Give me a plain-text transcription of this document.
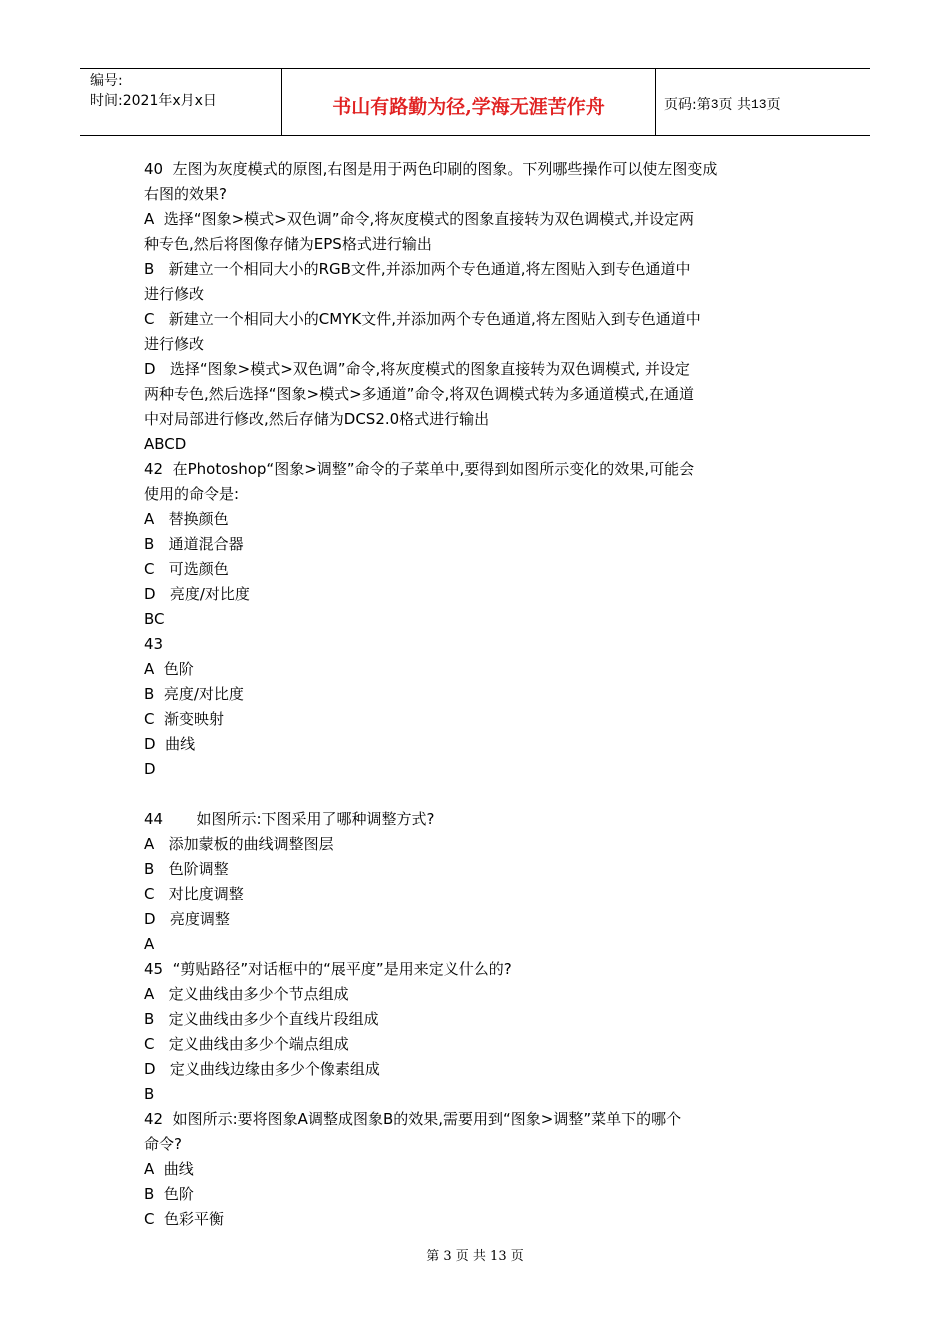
编号:
时间:2021年x月x日	书山有路勤为径,学海无涯苦作舟	页码:第 3 页 共 13 页
40  左图为灰度模式的原图,右图是用于两色印刷的图象。下列哪些操作可以使左图变成
右图的效果?
A  选择“图象>模式>双色调”命令,将灰度模式的图象直接转为双色调模式,并设定两
种专色,然后将图像存储为EPS格式进行输出
B   新建立一个相同大小的RGB文件,并添加两个专色通道,将左图贴入到专色通道中
进行修改
C   新建立一个相同大小的CMYK文件,并添加两个专色通道,将左图贴入到专色通道中
进行修改
D   选择“图象>模式>双色调”命令,将灰度模式的图象直接转为双色调模式, 并设定
两种专色,然后选择“图象>模式>多通道”命令,将双色调模式转为多通道模式,在通道
中对局部进行修改,然后存储为DCS2.0格式进行输出
ABCD
42  在Photoshop“图象>调整”命令的子菜单中,要得到如图所示变化的效果,可能会
使用的命令是:
A   替换颜色
B   通道混合器
C   可选颜色
D   亮度/对比度
BC
43
A  色阶
B  亮度/对比度
C  渐变映射
D  曲线
D
44       如图所示:下图采用了哪种调整方式?
A   添加蒙板的曲线调整图层
B   色阶调整
C   对比度调整
D   亮度调整
A
45  “剪贴路径”对话框中的“展平度”是用来定义什么的?
A   定义曲线由多少个节点组成
B   定义曲线由多少个直线片段组成
C   定义曲线由多少个端点组成
D   定义曲线边缘由多少个像素组成
B
42  如图所示:要将图象A调整成图象B的效果,需要用到“图象>调整”菜单下的哪个
命令?
A  曲线
B  色阶
C  色彩平衡
第 3 页 共 13 页
